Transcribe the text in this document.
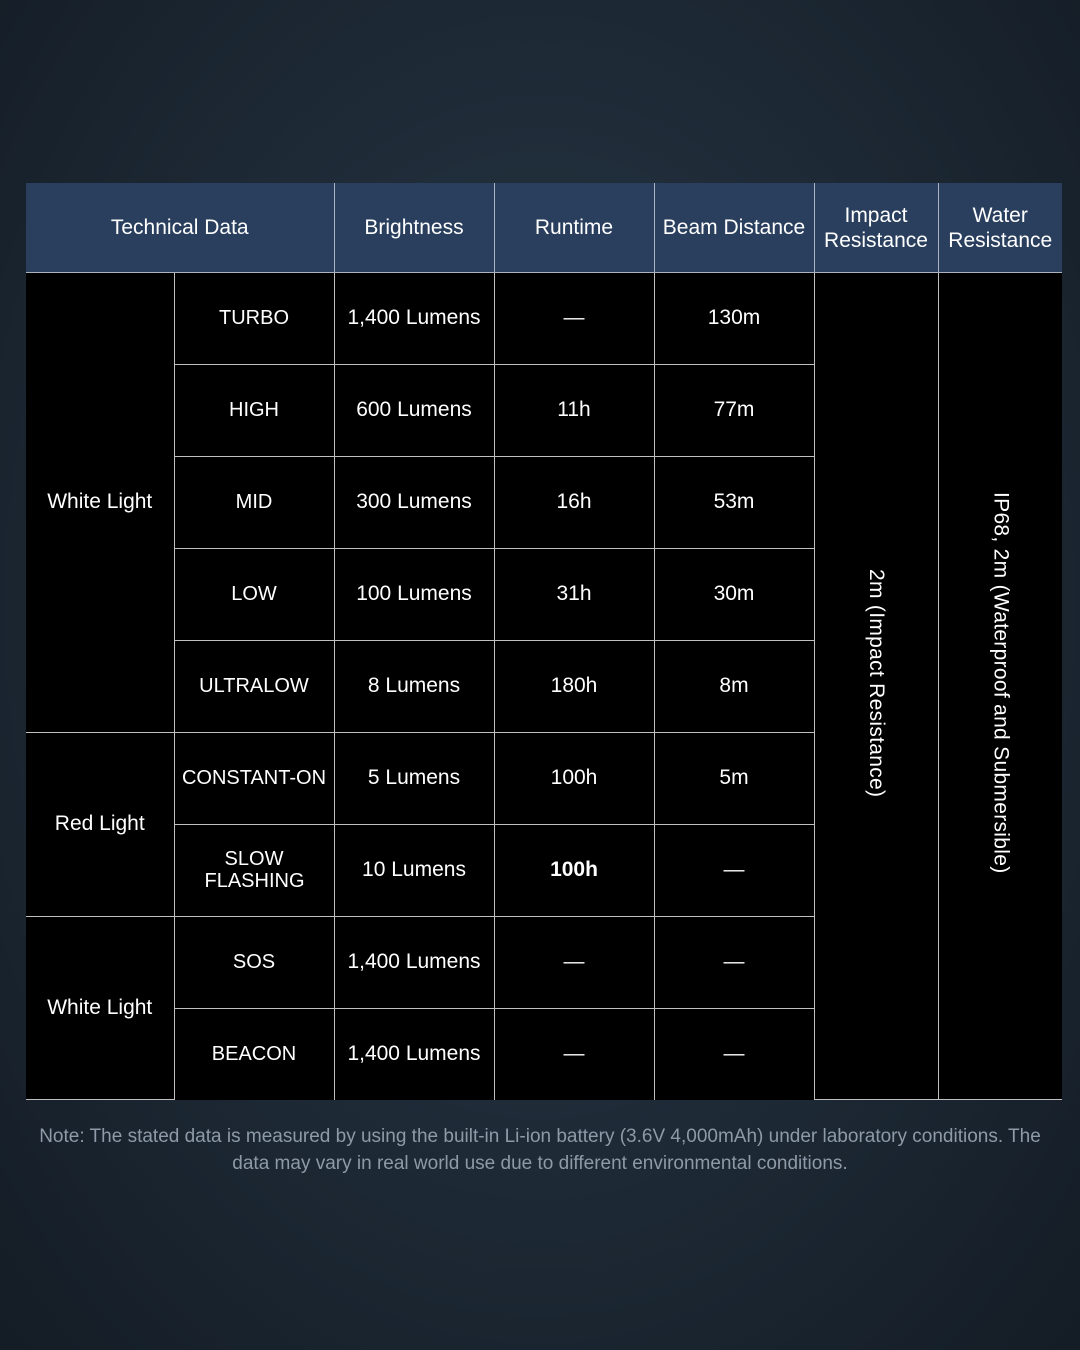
Technical Data		Brightness	Runtime	Beam Distance	Impact Resistance	Water Resistance
White Light	TURBO	1,400 Lumens	—	130m	2m (Impact Resistance)	IP68, 2m (Waterproof and Submersible)
	HIGH	600 Lumens	11h	77m		
	MID	300 Lumens	16h	53m		
	LOW	100 Lumens	31h	30m		
	ULTRALOW	8 Lumens	180h	8m		
Red Light	CONSTANT-ON	5 Lumens	100h	5m		
	SLOW FLASHING	10 Lumens	100h	—		
White Light	SOS	1,400 Lumens	—	—		
	BEACON	1,400 Lumens	—	—		
Note: The stated data is measured by using the built-in Li-ion battery (3.6V 4,000mAh) under laboratory conditions. The data may vary in real world use due to different environmental conditions.
